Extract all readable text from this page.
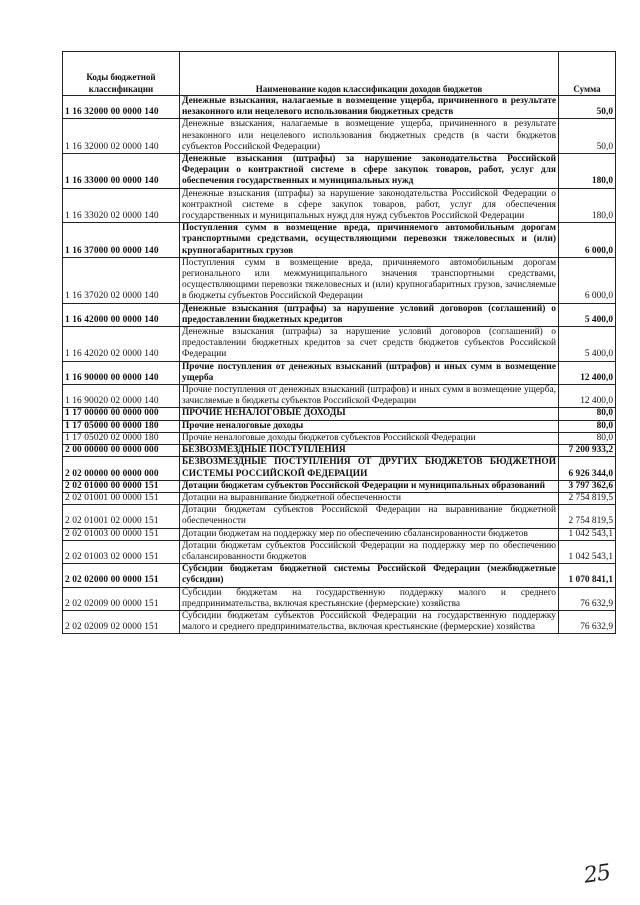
Коды бюджетной классификации	Наименование кодов классификации доходов бюджетов	Сумма
1 16 32000 00 0000 140	Денежные взыскания, налагаемые в возмещение ущерба, причиненного в результате незаконного или нецелевого использования бюджетных средств	50,0
1 16 32000 02 0000 140	Денежные взыскания, налагаемые в возмещение ущерба, причиненного в результате незаконного или нецелевого использования бюджетных средств (в части бюджетов субъектов Российской Федерации)	50,0
1 16 33000 00 0000 140	Денежные взыскания (штрафы) за нарушение законодательства Российской Федерации о контрактной системе в сфере закупок товаров, работ, услуг для обеспечения государственных и муниципальных нужд	180,0
1 16 33020 02 0000 140	Денежные взыскания (штрафы) за нарушение законодательства Российской Федерации о контрактной системе в сфере закупок товаров, работ, услуг для обеспечения государственных и муниципальных нужд для нужд субъектов Российской Федерации	180,0
1 16 37000 00 0000 140	Поступления сумм в возмещение вреда, причиняемого автомобильным дорогам транспортными средствами, осуществляющими перевозки тяжеловесных и (или) крупногабаритных грузов	6 000,0
1 16 37020 02 0000 140	Поступления сумм в возмещение вреда, причиняемого автомобильным дорогам регионального или межмуниципального значения транспортными средствами, осуществляющими перевозки тяжеловесных и (или) крупногабаритных грузов, зачисляемые в бюджеты субъектов Российской Федерации	6 000,0
1 16 42000 00 0000 140	Денежные взыскания (штрафы) за нарушение условий договоров (соглашений) о предоставлении бюджетных кредитов	5 400,0
1 16 42020 02 0000 140	Денежные взыскания (штрафы) за нарушение условий договоров (соглашений) о предоставлении бюджетных кредитов за счет средств бюджетов субъектов Российской Федерации	5 400,0
1 16 90000 00 0000 140	Прочие поступления от денежных взысканий (штрафов) и иных сумм в возмещение ущерба	12 400,0
1 16 90020 02 0000 140	Прочие поступления от денежных взысканий (штрафов) и иных сумм в возмещение ущерба, зачисляемые в бюджеты субъектов Российской Федерации	12 400,0
1 17 00000 00 0000 000	ПРОЧИЕ НЕНАЛОГОВЫЕ ДОХОДЫ	80,0
1 17 05000 00 0000 180	Прочие неналоговые доходы	80,0
1 17 05020 02 0000 180	Прочие неналоговые доходы бюджетов субъектов Российской Федерации	80,0
2 00 00000 00 0000 000	БЕЗВОЗМЕЗДНЫЕ ПОСТУПЛЕНИЯ	7 200 933,2
2 02 00000 00 0000 000	БЕЗВОЗМЕЗДНЫЕ ПОСТУПЛЕНИЯ ОТ ДРУГИХ БЮДЖЕТОВ БЮДЖЕТНОЙ СИСТЕМЫ РОССИЙСКОЙ ФЕДЕРАЦИИ	6 926 344,0
2 02 01000 00 0000 151	Дотации бюджетам субъектов Российской Федерации и муниципальных образований	3 797 362,6
2 02 01001 00 0000 151	Дотации на выравнивание бюджетной обеспеченности	2 754 819,5
2 02 01001 02 0000 151	Дотации бюджетам субъектов Российской Федерации на выравнивание бюджетной обеспеченности	2 754 819,5
2 02 01003 00 0000 151	Дотации бюджетам на поддержку мер по обеспечению сбалансированности бюджетов	1 042 543,1
2 02 01003 02 0000 151	Дотации бюджетам субъектов Российской Федерации на поддержку мер по обеспечению сбалансированности бюджетов	1 042 543,1
2 02 02000 00 0000 151	Субсидии бюджетам бюджетной системы Российской Федерации (межбюджетные субсидии)	1 070 841,1
2 02 02009 00 0000 151	Субсидии бюджетам на государственную поддержку малого и среднего предпринимательства, включая крестьянские (фермерские) хозяйства	76 632,9
2 02 02009 02 0000 151	Субсидии бюджетам субъектов Российской Федерации на государственную поддержку малого и среднего предпринимательства, включая крестьянские (фермерские) хозяйства	76 632,9
25
